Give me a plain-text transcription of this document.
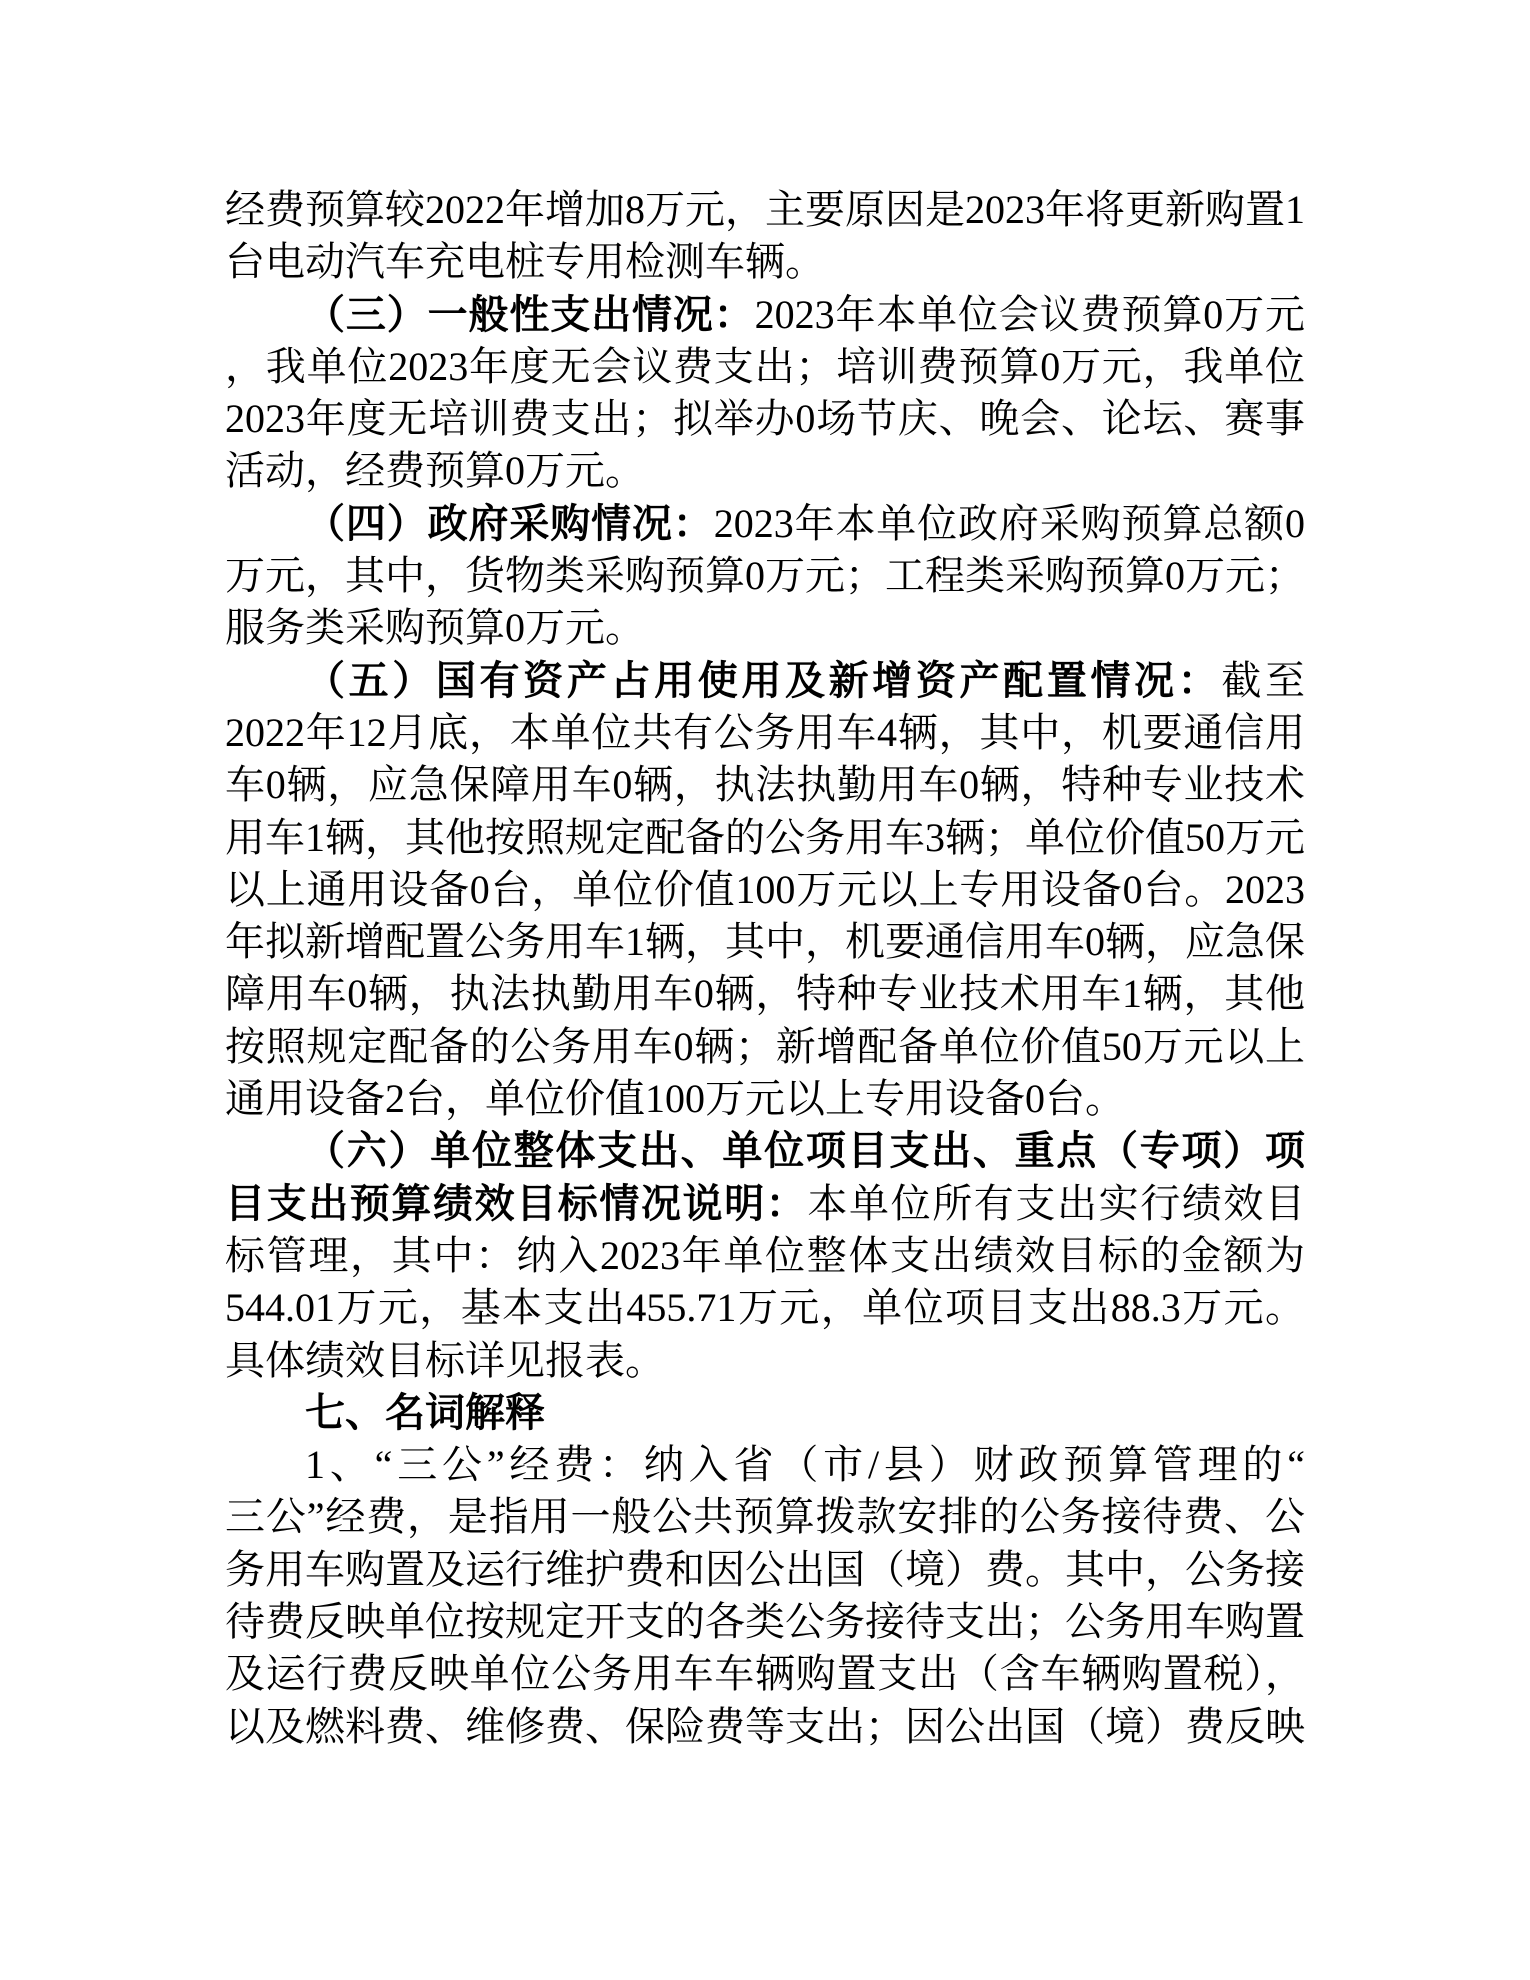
经费预算较2022年增加8万元，主要原因是2023年将更新购置1
台电动汽车充电桩专用检测车辆。
（三）一般性支出情况：2023年本单位会议费预算0万元
，我单位2023年度无会议费支出；培训费预算0万元，我单位
2023年度无培训费支出；拟举办0场节庆、晚会、论坛、赛事
活动，经费预算0万元。
（四）政府采购情况：2023年本单位政府采购预算总额0
万元，其中，货物类采购预算0万元；工程类采购预算0万元；
服务类采购预算0万元。
（五）国有资产占用使用及新增资产配置情况：截至
2022年12月底，本单位共有公务用车4辆，其中，机要通信用
车0辆，应急保障用车0辆，执法执勤用车0辆，特种专业技术
用车1辆，其他按照规定配备的公务用车3辆；单位价值50万元
以上通用设备0台，单位价值100万元以上专用设备0台。2023
年拟新增配置公务用车1辆，其中，机要通信用车0辆，应急保
障用车0辆，执法执勤用车0辆，特种专业技术用车1辆，其他
按照规定配备的公务用车0辆；新增配备单位价值50万元以上
通用设备2台，单位价值100万元以上专用设备0台。
（六）单位整体支出、单位项目支出、重点（专项）项
目支出预算绩效目标情况说明：本单位所有支出实行绩效目
标管理，其中：纳入2023年单位整体支出绩效目标的金额为
544.01万元，基本支出455.71万元，单位项目支出88.3万元。
具体绩效目标详见报表。
七、名词解释
1、“三公”经费：纳入省（市/县）财政预算管理的“
三公”经费，是指用一般公共预算拨款安排的公务接待费、公
务用车购置及运行维护费和因公出国（境）费。其中，公务接
待费反映单位按规定开支的各类公务接待支出；公务用车购置
及运行费反映单位公务用车车辆购置支出（含车辆购置税），
以及燃料费、维修费、保险费等支出；因公出国（境）费反映
